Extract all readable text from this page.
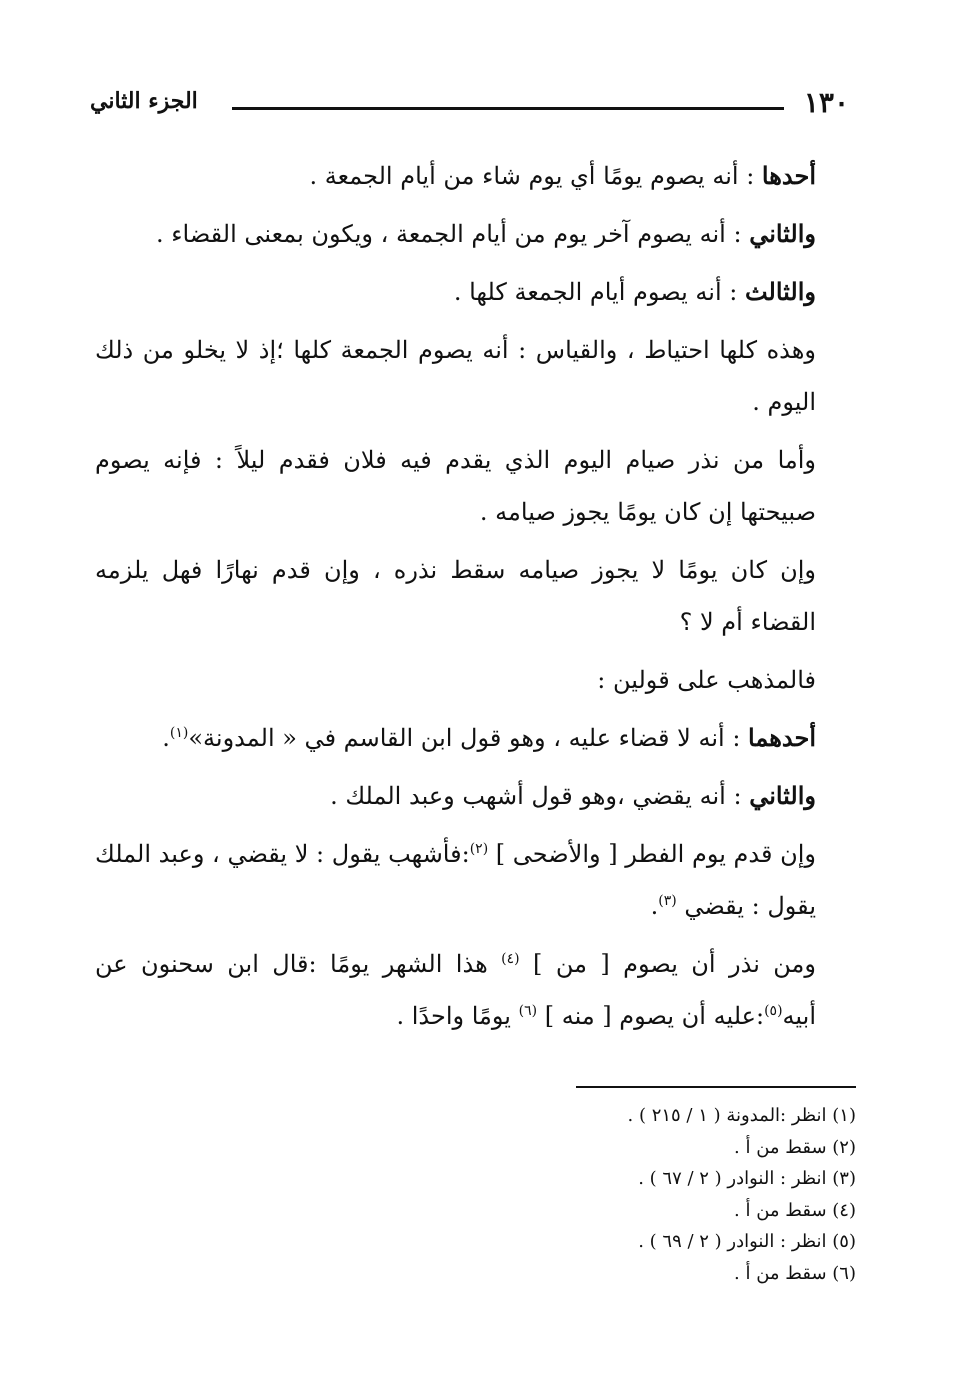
١٣٠
الجزء الثاني

أحدها : أنه يصوم يومًا أي يوم شاء من أيام الجمعة .

والثاني : أنه يصوم آخر يوم من أيام الجمعة ، ويكون بمعنى القضاء .

والثالث : أنه يصوم أيام الجمعة كلها .

وهذه كلها احتياط ، والقياس : أنه يصوم الجمعة كلها ؛إذ لا يخلو من ذلك اليوم .

وأما من نذر صيام اليوم الذي يقدم فيه فلان فقدم ليلاً : فإنه يصوم صبيحتها إن كان يومًا يجوز صيامه .

وإن كان يومًا لا يجوز صيامه سقط نذره ، وإن قدم نهارًا فهل يلزمه القضاء أم لا ؟

فالمذهب على قولين :

أحدهما : أنه لا قضاء عليه ، وهو قول ابن القاسم في « المدونة»$^{(١)}$.

والثاني : أنه يقضي ،وهو قول أشهب وعبد الملك .

وإن قدم يوم الفطر [ والأضحى ] $^{(٢)}$:فأشهب يقول : لا يقضي ، وعبد الملك يقول : يقضي $^{(٣)}$.

ومن نذر أن يصوم [ من ] $^{(٤)}$ هذا الشهر يومًا :قال ابن سحنون عن أبيه$^{(٥)}$:عليه أن يصوم [ منه ] $^{(٦)}$ يومًا واحدًا .

(١) انظر :المدونة ( ١ / ٢١٥ ) .
(٢) سقط من أ .
(٣) انظر : النوادر ( ٢ / ٦٧ ) .
(٤) سقط من أ .
(٥) انظر : النوادر ( ٢ / ٦٩ ) .
(٦) سقط من أ .
